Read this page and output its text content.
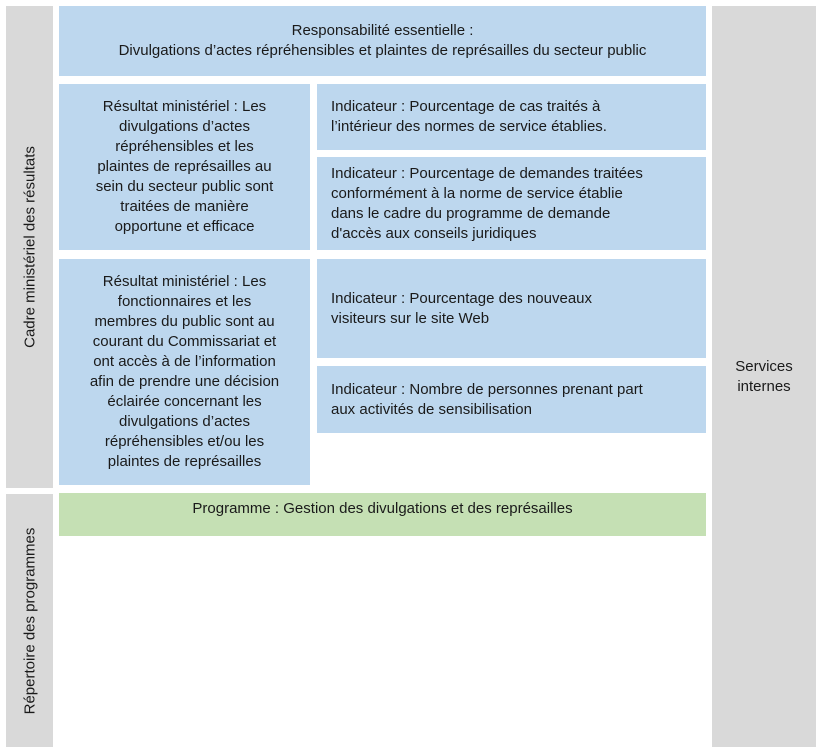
Cadre ministériel des résultats
Répertoire des programmes
Responsabilité essentielle :
Divulgations d’actes répréhensibles et plaintes de représailles du secteur public
Résultat ministériel : Les
divulgations d’actes
répréhensibles et les
plaintes de représailles au
sein du secteur public sont
traitées de manière
opportune et efficace
Résultat ministériel : Les
fonctionnaires et les
membres du public sont au
courant du Commissariat et
ont accès à de l’information
afin de prendre une décision
éclairée concernant les
divulgations d’actes
répréhensibles et/ou les
plaintes de représailles
Indicateur : Pourcentage de cas traités à
l’intérieur des normes de service établies.
Indicateur : Pourcentage de demandes traitées
conformément à la norme de service établie
dans le cadre du programme de demande
d'accès aux conseils juridiques
Indicateur : Pourcentage des nouveaux
visiteurs sur le site Web
Indicateur : Nombre de personnes prenant part
aux activités de sensibilisation
Programme : Gestion des divulgations et des représailles
Services
internes
